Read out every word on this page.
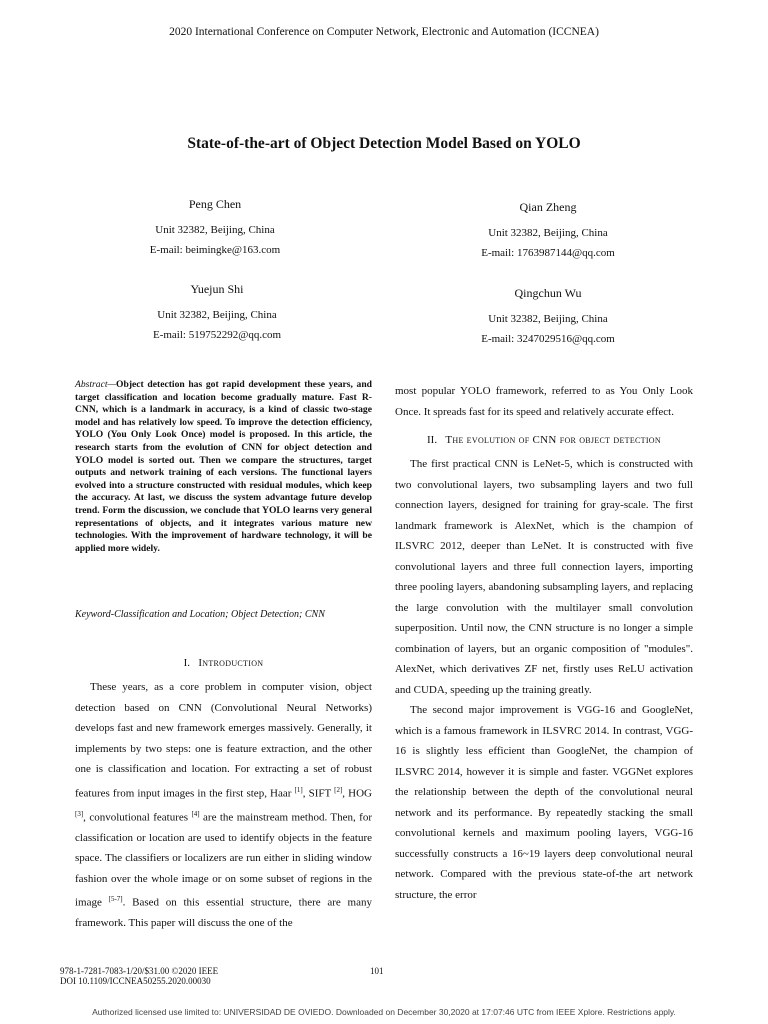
2020 International Conference on Computer Network, Electronic and Automation (ICCNEA)
State-of-the-art of Object Detection Model Based on YOLO
Peng Chen
Unit 32382, Beijing, China
E-mail: beimingke@163.com
Qian Zheng
Unit 32382, Beijing, China
E-mail: 1763987144@qq.com
Yuejun Shi
Unit 32382, Beijing, China
E-mail: 519752292@qq.com
Qingchun Wu
Unit 32382, Beijing, China
E-mail: 3247029516@qq.com
Abstract—Object detection has got rapid development these years, and target classification and location become gradually mature. Fast R-CNN, which is a landmark in accuracy, is a kind of classic two-stage model and has relatively low speed. To improve the detection efficiency, YOLO (You Only Look Once) model is proposed. In this article, the research starts from the evolution of CNN for object detection and YOLO model is sorted out. Then we compare the structures, target outputs and network training of each versions. The functional layers evolved into a structure constructed with residual modules, which keep the accuracy. At last, we discuss the system advantage future develop trend. Form the discussion, we conclude that YOLO learns very general representations of objects, and it integrates various mature new technologies. With the improvement of hardware technology, it will be applied more widely.
Keyword-Classification and Location; Object Detection; CNN
I. Introduction

These years, as a core problem in computer vision, object detection based on CNN (Convolutional Neural Networks) develops fast and new framework emerges massively. Generally, it implements by two steps: one is feature extraction, and the other one is classification and location. For extracting a set of robust features from input images in the first step, Haar [1], SIFT [2], HOG [3], convolutional features [4] are the mainstream method. Then, for classification or location are used to identify objects in the feature space. The classifiers or localizers are run either in sliding window fashion over the whole image or on some subset of regions in the image [5-7]. Based on this essential structure, there are many framework. This paper will discuss the one of the

most popular YOLO framework, referred to as You Only Look Once. It spreads fast for its speed and relatively accurate effect.

II. The evolution of CNN for object detection

The first practical CNN is LeNet-5, which is constructed with two convolutional layers, two subsampling layers and two full connection layers, designed for training for gray-scale. The first landmark framework is AlexNet, which is the champion of ILSVRC 2012, deeper than LeNet. It is constructed with five convolutional layers and three full connection layers, importing three pooling layers, abandoning subsampling layers, and replacing the large convolution with the multilayer small convolution superposition. Until now, the CNN structure is no longer a simple combination of layers, but an organic composition of "modules". AlexNet, which derivatives ZF net, firstly uses ReLU activation and CUDA, speeding up the training greatly.

The second major improvement is VGG-16 and GoogleNet, which is a famous framework in ILSVRC 2014. In contrast, VGG-16 is slightly less efficient than GoogleNet, the champion of ILSVRC 2014, however it is simple and faster. VGGNet explores the relationship between the depth of the convolutional neural network and its performance. By repeatedly stacking the small convolutional kernels and maximum pooling layers, VGG-16 successfully constructs a 16~19 layers deep convolutional neural network. Compared with the previous state-of-the art network structure, the error

978-1-7281-7083-1/20/$31.00 ©2020 IEEE
DOI 10.1109/ICCNEA50255.2020.00030
101
Authorized licensed use limited to: UNIVERSIDAD DE OVIEDO. Downloaded on December 30,2020 at 17:07:46 UTC from IEEE Xplore. Restrictions apply.
